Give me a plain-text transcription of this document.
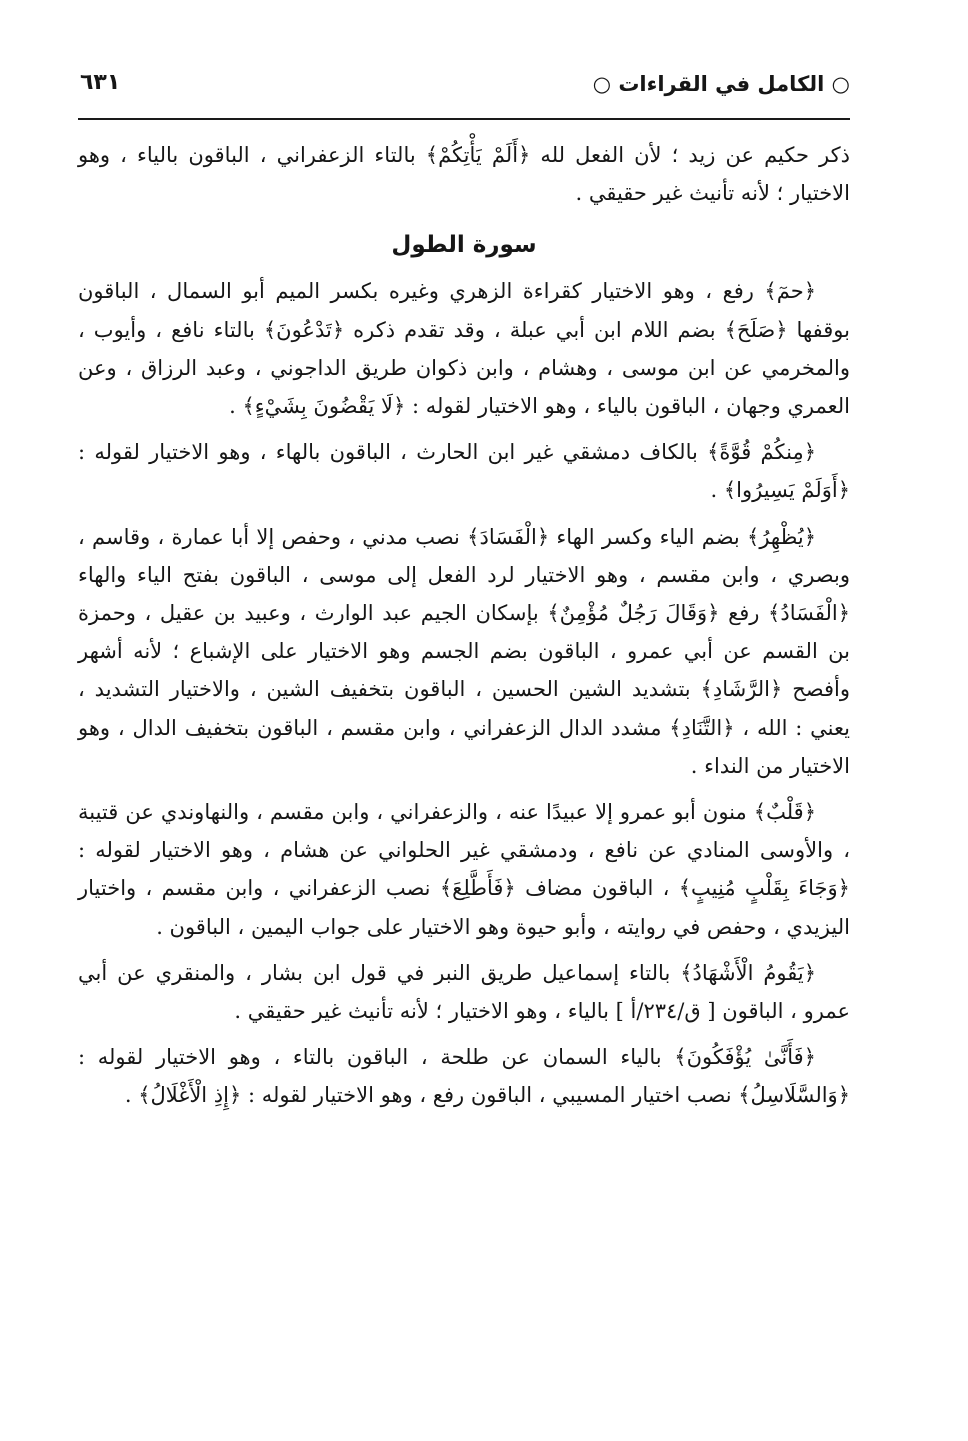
○ الكامل في القراءات ○
٦٣١

ذكر حكيم عن زيد ؛ لأن الفعل لله ﴿أَلَمْ يَأْتِكُمْ﴾ بالتاء الزعفراني ، الباقون بالياء ، وهو الاختيار ؛ لأنه تأنيث غير حقيقي .

سورة الطول

﴿حمٓ﴾ رفع ، وهو الاختيار كقراءة الزهري وغيره بكسر الميم أبو السمال ، الباقون بوقفها ﴿صَلَحَ﴾ بضم اللام ابن أبي عبلة ، وقد تقدم ذكره ﴿تَدْعُونَ﴾ بالتاء نافع ، وأيوب ، والمخرمي عن ابن موسى ، وهشام ، وابن ذكوان طريق الداجوني ، وعبد الرزاق ، وعن العمري وجهان ، الباقون بالياء ، وهو الاختيار لقوله : ﴿لَا يَقْضُونَ بِشَيْءٍ﴾ .

﴿مِنكُمْ قُوَّةً﴾ بالكاف دمشقي غير ابن الحارث ، الباقون بالهاء ، وهو الاختيار لقوله : ﴿أَوَلَمْ يَسِيرُوا﴾ .

﴿يُظْهِرُ﴾ بضم الياء وكسر الهاء ﴿الْفَسَادَ﴾ نصب مدني ، وحفص إلا أبا عمارة ، وقاسم ، وبصري ، وابن مقسم ، وهو الاختيار لرد الفعل إلى موسى ، الباقون بفتح الياء والهاء ﴿الْفَسَادُ﴾ رفع ﴿وَقَالَ رَجُلٌ مُؤْمِنٌ﴾ بإسكان الجيم عبد الوارث ، وعبيد بن عقيل ، وحمزة بن القسم عن أبي عمرو ، الباقون بضم الجسم وهو الاختيار على الإشباع ؛ لأنه أشهر وأفصح ﴿الرَّشَادِ﴾ بتشديد الشين الحسين ، الباقون بتخفيف الشين ، والاختيار التشديد ، يعني : الله ، ﴿التَّنَادِ﴾ مشدد الدال الزعفراني ، وابن مقسم ، الباقون بتخفيف الدال ، وهو الاختيار من النداء .

﴿قَلْبٌ﴾ منون أبو عمرو إلا عبيدًا عنه ، والزعفراني ، وابن مقسم ، والنهاوندي عن قتيبة ، والأوسى المنادي عن نافع ، ودمشقي غير الحلواني عن هشام ، وهو الاختيار لقوله : ﴿وَجَاءَ بِقَلْبٍ مُنِيبٍ﴾ ، الباقون مضاف ﴿فَأَطَّلِعَ﴾ نصب الزعفراني ، وابن مقسم ، واختيار اليزيدي ، وحفص في روايته ، وأبو حيوة وهو الاختيار على جواب اليمين ، الباقون .

﴿يَقُومُ الْأَشْهَادُ﴾ بالتاء إسماعيل طريق النبر في قول ابن بشار ، والمنقري عن أبي عمرو ، الباقون [ ق/٢٣٤/أ ] بالياء ، وهو الاختيار ؛ لأنه تأنيث غير حقيقي .

﴿فَأَنَّىٰ يُؤْفَكُونَ﴾ بالياء السمان عن طلحة ، الباقون بالتاء ، وهو الاختيار لقوله : ﴿وَالسَّلَاسِلُ﴾ نصب اختيار المسيبي ، الباقون رفع ، وهو الاختيار لقوله : ﴿إِذِ الْأَغْلَالُ﴾ .
